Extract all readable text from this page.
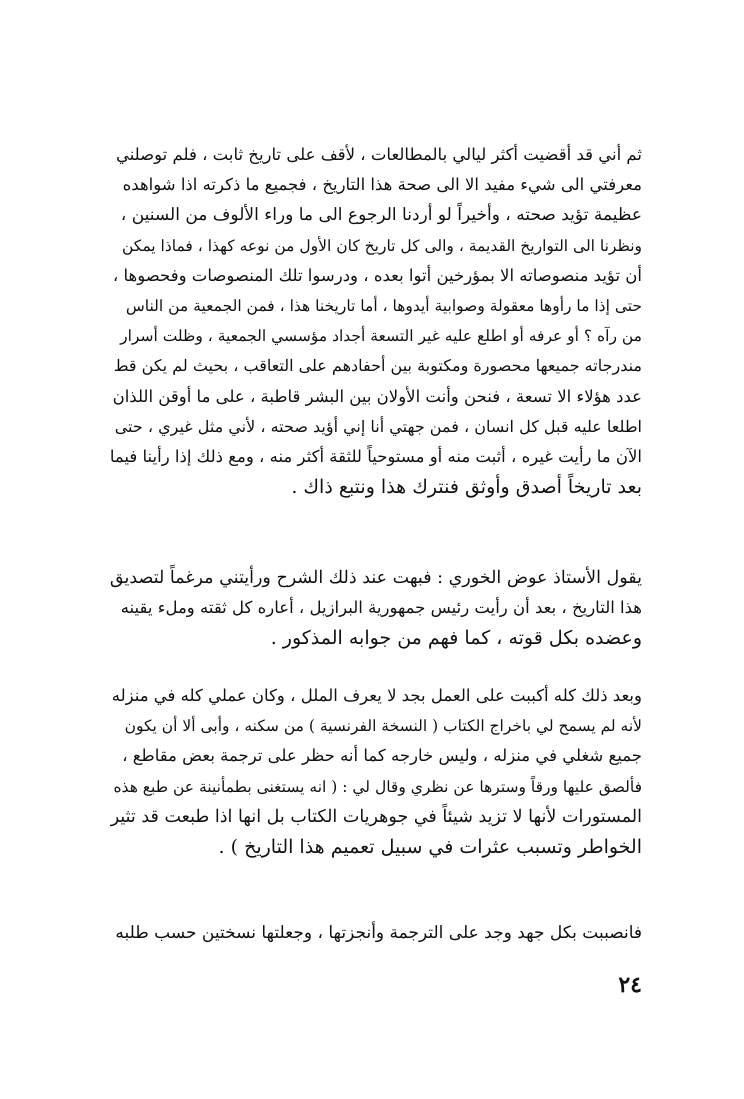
ثم أني قد أقضيت أكثر ليالي بالمطالعات ، لأقف على تاريخ ثابت ، فلم توصلني
معرفتي الى شيء مفيد الا الى صحة هذا التاريخ ، فجميع ما ذكرته اذا شواهده
عظيمة تؤيد صحته ، وأخيراً لو أردنا الرجوع الى ما وراء الألوف من السنين ،
ونظرنا الى التواريخ القديمة ، والى كل تاريخ كان الأول من نوعه كهذا ، فماذا يمكن
أن تؤيد منصوصاته الا بمؤرخين أتوا بعده ، ودرسوا تلك المنصوصات وفحصوها ،
حتى إذا ما رأوها معقولة وصوابية أيدوها ، أما تاريخنا هذا ، فمن الجمعية من الناس
من رآه ؟ أو عرفه أو اطلع عليه غير التسعة أجداد مؤسسي الجمعية ، وظلت أسرار
مندرجاته جميعها محصورة ومكتوبة بين أحفادهم على التعاقب ، بحيث لم يكن قط
عدد هؤلاء الا تسعة ، فنحن وأنت الأولان بين البشر قاطبة ، على ما أوقن اللذان
اطلعا عليه قبل كل انسان ، فمن جهتي أنا إني أؤيد صحته ، لأني مثل غيري ، حتى
الآن ما رأيت غيره ، أثبت منه أو مستوحياً للثقة أكثر منه ، ومع ذلك إذا رأينا فيما
بعد تاريخاً أصدق وأوثق فنترك هذا ونتبع ذاك .
يقول الأستاذ عوض الخوري : فبهت عند ذلك الشرح ورأيتني مرغماً لتصديق
هذا التاريخ ، بعد أن رأيت رئيس جمهورية البرازيل ، أعاره كل ثقته وملء يقينه
وعضده بكل قوته ، كما فهم من جوابه المذكور .
وبعد ذلك كله أكببت على العمل بجد لا يعرف الملل ، وكان عملي كله في منزله
لأنه لم يسمح لي باخراج الكتاب ( النسخة الفرنسية ) من سكنه ، وأبى ألا أن يكون
جميع شغلي في منزله ، وليس خارجه كما أنه حظر على ترجمة بعض مقاطع ،
فألصق عليها ورقاً وسترها عن نظري وقال لي : ( انه يستغنى بطمأنينة عن طبع هذه
المستورات لأنها لا تزيد شيئاً في جوهريات الكتاب بل انها اذا طبعت قد تثير
الخواطر وتسبب عثرات في سبيل تعميم هذا التاريخ ) .
فانصببت بكل جهد وجد على الترجمة وأنجزتها ، وجعلتها نسختين حسب طلبه
٢٤
